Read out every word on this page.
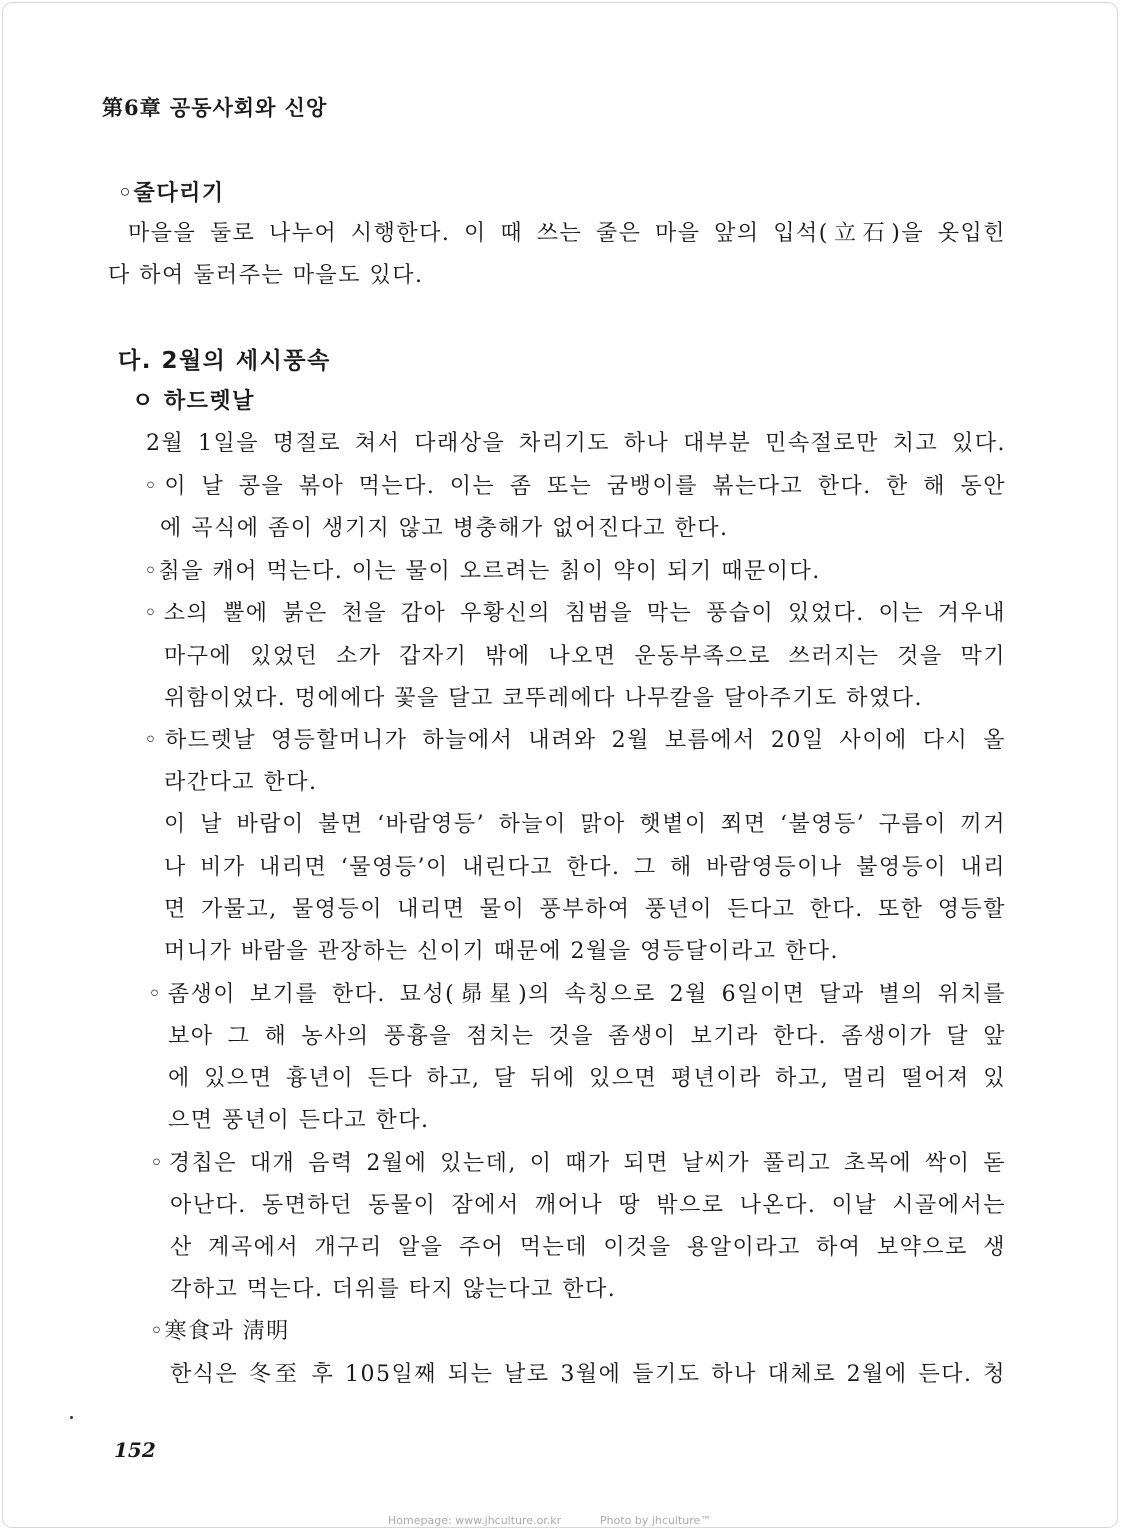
第6章 공동사회와 신앙
◦줄다리기
마을을 둘로 나누어 시행한다. 이 때 쓰는 줄은 마을 앞의 입석(立石)을 옷입힌
다 하여 둘러주는 마을도 있다.
다. 2월의 세시풍속
ㅇ 하드렛날
2월 1일을 명절로 쳐서 다래상을 차리기도 하나 대부분 민속절로만 치고 있다.
◦이 날 콩을 볶아 먹는다. 이는 좀 또는 굼뱅이를 볶는다고 한다. 한 해 동안
에 곡식에 좀이 생기지 않고 병충해가 없어진다고 한다.
◦칡을 캐어 먹는다. 이는 물이 오르려는 칡이 약이 되기 때문이다.
◦소의 뿔에 붉은 천을 감아 우황신의 침범을 막는 풍습이 있었다. 이는 겨우내
마구에 있었던 소가 갑자기 밖에 나오면 운동부족으로 쓰러지는 것을 막기
위함이었다. 멍에에다 꽃을 달고 코뚜레에다 나무칼을 달아주기도 하였다.
◦하드렛날 영등할머니가 하늘에서 내려와 2월 보름에서 20일 사이에 다시 올
라간다고 한다.
이 날 바람이 불면 ‘바람영등’ 하늘이 맑아 햇볕이 쬐면 ‘불영등’ 구름이 끼거
나 비가 내리면 ‘물영등’이 내린다고 한다. 그 해 바람영등이나 불영등이 내리
면 가물고, 물영등이 내리면 물이 풍부하여 풍년이 든다고 한다. 또한 영등할
머니가 바람을 관장하는 신이기 때문에 2월을 영등달이라고 한다.
◦좀생이 보기를 한다. 묘성(昴星)의 속칭으로 2월 6일이면 달과 별의 위치를
보아 그 해 농사의 풍흉을 점치는 것을 좀생이 보기라 한다. 좀생이가 달 앞
에 있으면 흉년이 든다 하고, 달 뒤에 있으면 평년이라 하고, 멀리 떨어져 있
으면 풍년이 든다고 한다.
◦경칩은 대개 음력 2월에 있는데, 이 때가 되면 날씨가 풀리고 초목에 싹이 돋
아난다. 동면하던 동물이 잠에서 깨어나 땅 밖으로 나온다. 이날 시골에서는
산 계곡에서 개구리 알을 주어 먹는데 이것을 용알이라고 하여 보약으로 생
각하고 먹는다. 더위를 타지 않는다고 한다.
◦寒食과 淸明
한식은 冬至 후 105일째 되는 날로 3월에 들기도 하나 대체로 2월에 든다. 청
152
Homepage: www.jhculture.or.kr	Photo by jhculture™
